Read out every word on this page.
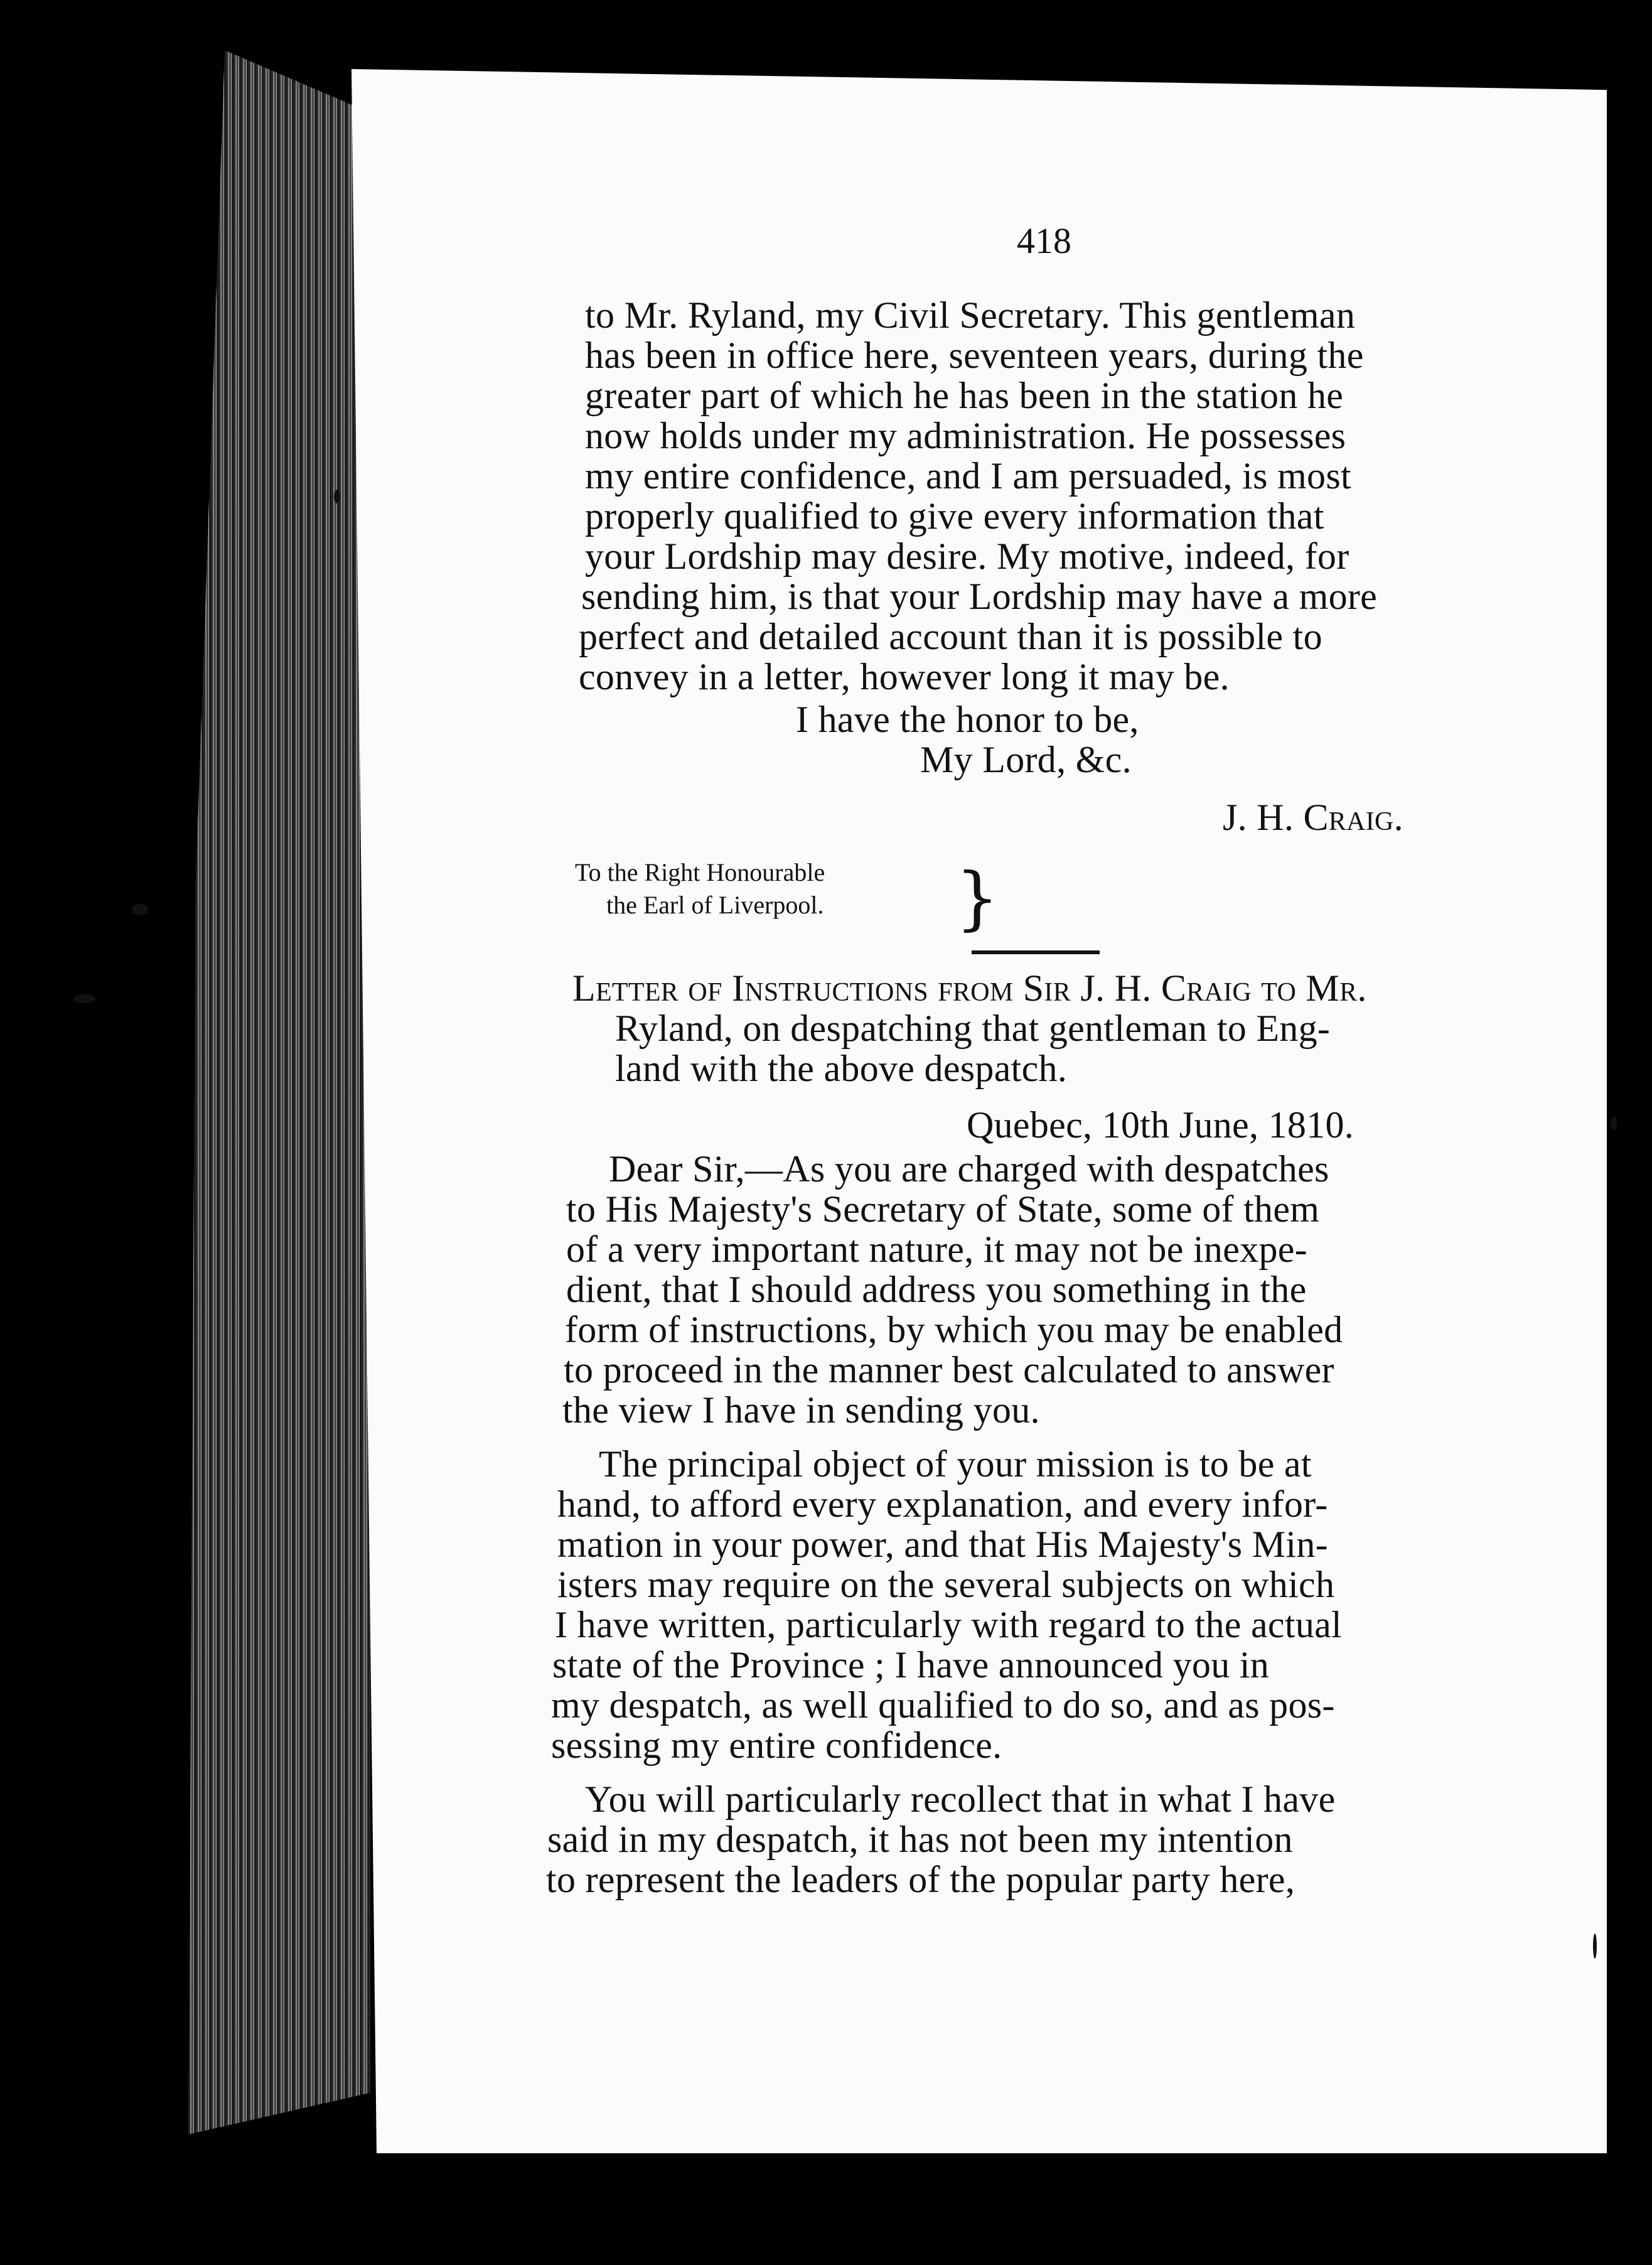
418
to Mr. Ryland, my Civil Secretary. This gentleman
has been in office here, seventeen years, during the
greater part of which he has been in the station he
now holds under my administration. He possesses
my entire confidence, and I am persuaded, is most
properly qualified to give every information that
your Lordship may desire. My motive, indeed, for
sending him, is that your Lordship may have a more
perfect and detailed account than it is possible to
convey in a letter, however long it may be.
I have the honor to be,
My Lord, &c.
J. H. Craig.
To the Right Honourable
the Earl of Liverpool. }
Letter of Instructions from Sir J. H. Craig to Mr.
Ryland, on despatching that gentleman to Eng-
land with the above despatch.
Quebec, 10th June, 1810.
Dear Sir,—As you are charged with despatches
to His Majesty's Secretary of State, some of them
of a very important nature, it may not be inexpe-
dient, that I should address you something in the
form of instructions, by which you may be enabled
to proceed in the manner best calculated to answer
the view I have in sending you.
The principal object of your mission is to be at
hand, to afford every explanation, and every infor-
mation in your power, and that His Majesty's Min-
isters may require on the several subjects on which
I have written, particularly with regard to the actual
state of the Province ; I have announced you in
my despatch, as well qualified to do so, and as pos-
sessing my entire confidence.
You will particularly recollect that in what I have
said in my despatch, it has not been my intention
to represent the leaders of the popular party here,
